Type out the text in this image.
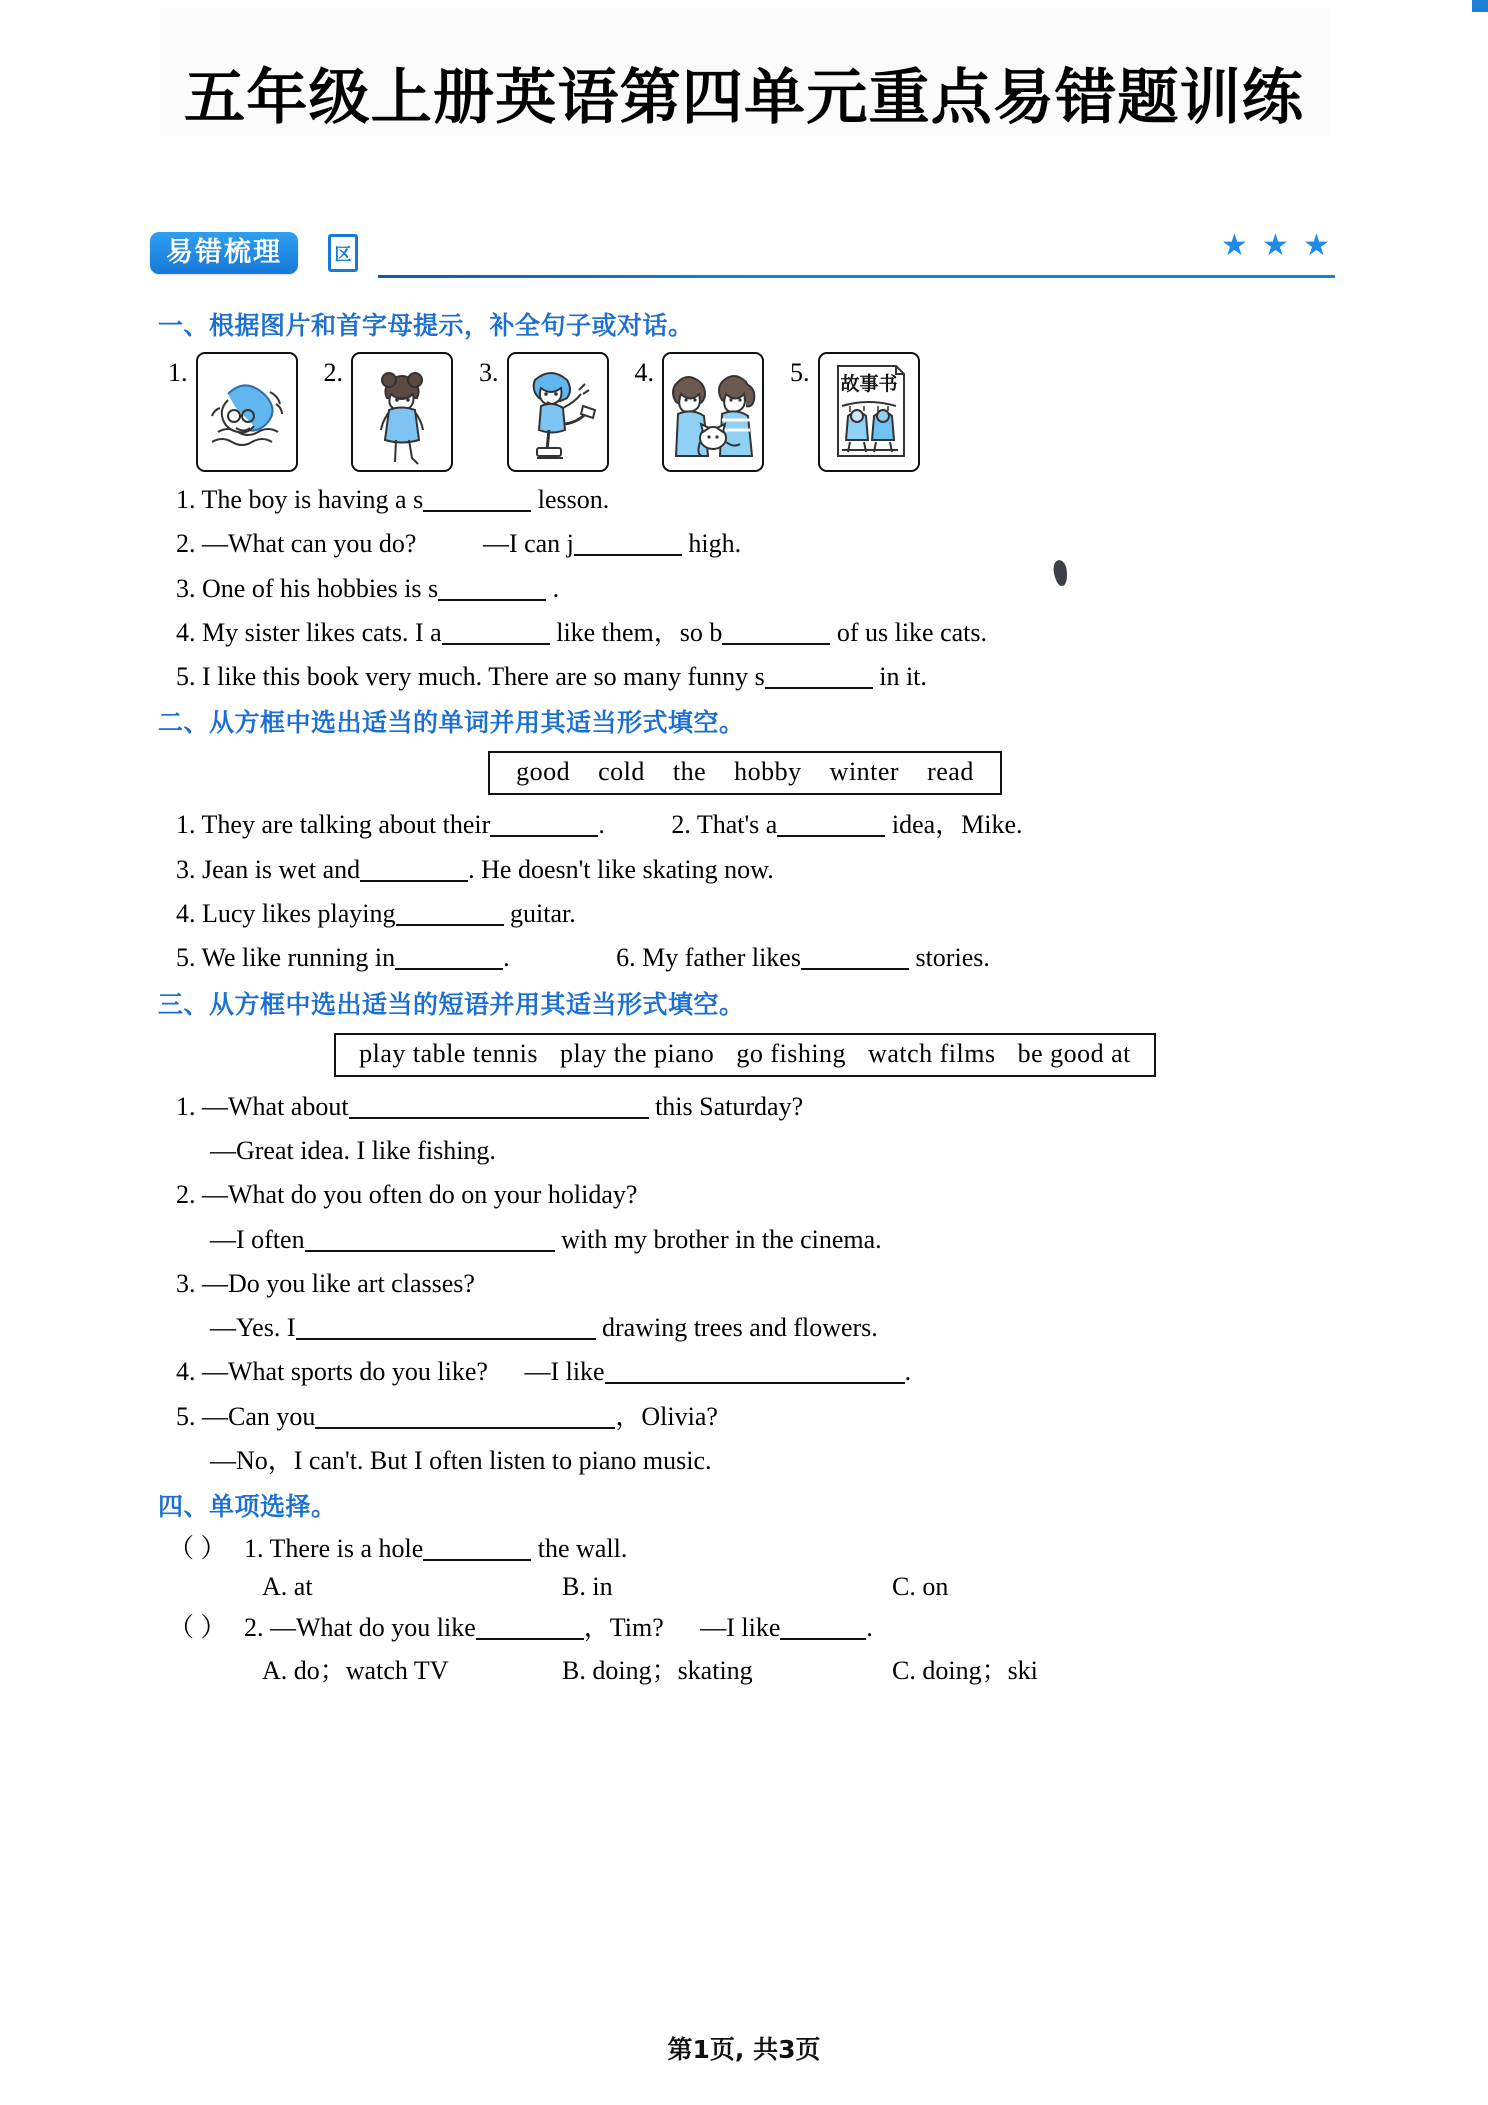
五年级上册英语第四单元重点易错题训练
易错梳理	区	★ ★ ★
一、根据图片和首字母提示，补全句子或对话。
1.	2.	3.	4.	5. 故事书
1. The boy is having a s	lesson.
2. —What can you do?	—I can j	high.
3. One of his hobbies is s	.
4. My sister likes cats. I a	like them，so b	of us like cats.
5. I like this book very much. There are so many funny s	in it.
二、从方框中选出适当的单词并用其适当形式填空。
good cold the hobby winter read
1. They are talking about their	.	2. That's a	idea，Mike.
3. Jean is wet and	. He doesn't like skating now.
4. Lucy likes playing	guitar.
5. We like running in	.	6. My father likes	stories.
三、从方框中选出适当的短语并用其适当形式填空。
play table tennis play the piano go fishing watch films be good at
1. —What about	this Saturday?
—Great idea. I like fishing.
2. —What do you often do on your holiday?
—I often	with my brother in the cinema.
3. —Do you like art classes?
—Yes. I	drawing trees and flowers.
4. —What sports do you like? —I like	.
5. —Can you	，Olivia?
—No，I can't. But I often listen to piano music.
四、单项选择。
（ ） 1. There is a hole	the wall.
A. at	B. in	C. on
（ ） 2. —What do you like	，Tim? —I like	.
A. do；watch TV	B. doing；skating	C. doing；ski
第1页, 共3页
